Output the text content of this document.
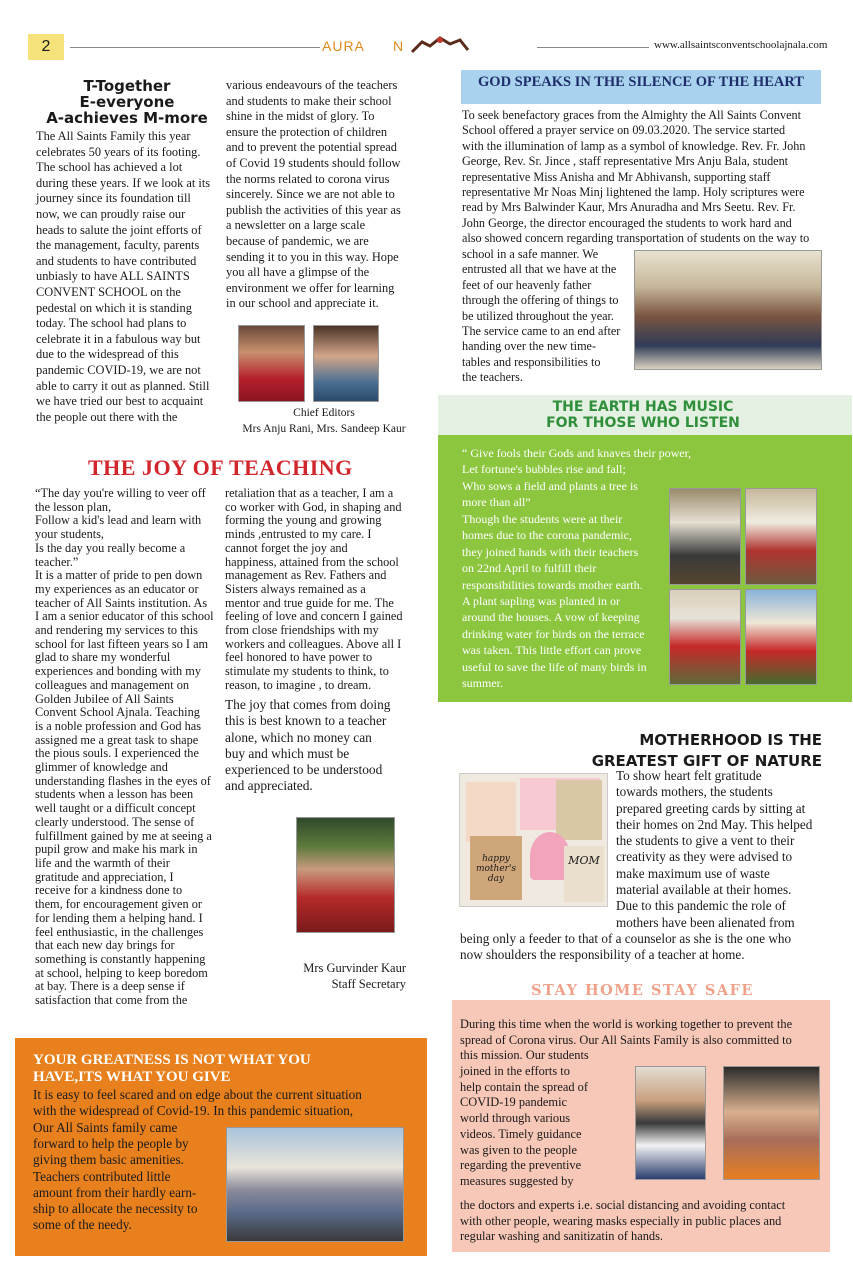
2	AURA N	www.allsaintsconventschoolajnala.com
T-Together
E-everyone
A-achieves M-more

The All Saints Family this year

celebrates 50 years of its footing.

The school has achieved a lot

during these years. If we look at its

journey since its foundation till

now, we can proudly raise our

heads to salute the joint efforts of

the management, faculty, parents

and students to have contributed

unbiasly to have ALL SAINTS

CONVENT SCHOOL on the

pedestal on which it is standing

today. The school had plans to

celebrate it in a fabulous way but

due to the widespread of this

pandemic COVID-19, we are not

able to carry it out as planned. Still

we have tried our best to acquaint

the people out there with the

various endeavours of the teachers

and students to make their school

shine in the midst of glory. To

ensure the protection of children

and to prevent the potential spread

of Covid 19 students should follow

the norms related to corona virus

sincerely. Since we are not able to

publish the activities of this year as

a newsletter on a large scale

because of pandemic, we are

sending it to you in this way. Hope

you all have a glimpse of the

environment we offer for learning

in our school and appreciate it.

Chief Editors
Mrs Anju Rani, Mrs. Sandeep Kaur
GOD SPEAKS IN THE SILENCE OF THE HEART

To seek benefactory graces from the Almighty the All Saints Convent

School offered a prayer service on 09.03.2020. The service started

with the illumination of lamp as a symbol of knowledge. Rev. Fr. John

George, Rev. Sr. Jince , staff representative Mrs Anju Bala, student

representative Miss Anisha and Mr Abhivansh, supporting staff

representative Mr Noas Minj lightened the lamp. Holy scriptures were

read by Mrs Balwinder Kaur, Mrs Anuradha and Mrs Seetu. Rev. Fr.

John George, the director encouraged the students to work hard and

also showed concern regarding transportation of students on the way to

school in a safe manner. We

entrusted all that we have at the

feet of our heavenly father

through the offering of things to

be utilized throughout the year.

The service came to an end after

handing over the new time-

tables and responsibilities to

the teachers.

THE EARTH HAS MUSIC
FOR THOSE WHO LISTEN

“ Give fools their Gods and knaves their power,

Let fortune's bubbles rise and fall;

Who sows a field and plants a tree is

more than all”

Though the students were at their

homes due to the corona pandemic,

they joined hands with their teachers

on 22nd April to fulfill their

responsibilities towards mother earth.

A plant sapling was planted in or

around the houses. A vow of keeping

drinking water for birds on the terrace

was taken. This little effort can prove

useful to save the life of many birds in

summer.

THE JOY OF TEACHING

“The day you're willing to veer off

the lesson plan,

Follow a kid's lead and learn with

your students,

Is the day you really become a

teacher.”

It is a matter of pride to pen down

my experiences as an educator or

teacher of All Saints institution. As

I am a senior educator of this school

and rendering my services to this

school for last fifteen years so I am

glad to share my wonderful

experiences and bonding with my

colleagues and management on

Golden Jubilee of All Saints

Convent School Ajnala. Teaching

is a noble profession and God has

assigned me a great task to shape

the pious souls. I experienced the

glimmer of knowledge and

understanding flashes in the eyes of

students when a lesson has been

well taught or a difficult concept

clearly understood. The sense of

fulfillment gained by me at seeing a

pupil grow and make his mark in

life and the warmth of their

gratitude and appreciation, I

receive for a kindness done to

them, for encouragement given or

for lending them a helping hand. I

feel enthusiastic, in the challenges

that each new day brings for

something is constantly happening

at school, helping to keep boredom

at bay. There is a deep sense if

satisfaction that come from the

retaliation that as a teacher, I am a

co worker with God, in shaping and

forming the young and growing

minds ,entrusted to my care. I

cannot forget the joy and

happiness, attained from the school

management as Rev. Fathers and

Sisters always remained as a

mentor and true guide for me. The

feeling of love and concern I gained

from close friendships with my

workers and colleagues. Above all I

feel honored to have power to

stimulate my students to think, to

reason, to imagine , to dream.

The joy that comes from doing

this is best known to a teacher

alone, which no money can

buy and which must be

experienced to be understood

and appreciated.

Mrs Gurvinder Kaur
Staff Secretary
MOTHERHOOD IS THE
GREATEST GIFT OF NATURE
happy mother's day
MOM

To show heart felt gratitude

towards mothers, the students

prepared greeting cards by sitting at

their homes on 2nd May. This helped

the students to give a vent to their

creativity as they were advised to

make maximum use of waste

material available at their homes.

Due to this pandemic the role of

mothers have been alienated from

being only a feeder to that of a counselor as she is the one who

now shoulders the responsibility of a teacher at home.

YOUR GREATNESS IS NOT WHAT YOU
HAVE,ITS WHAT YOU GIVE

It is easy to feel scared and on edge about the current situation

with the widespread of Covid-19. In this pandemic situation,

Our All Saints family came

forward to help the people by

giving them basic amenities.

Teachers contributed little

amount from their hardly earn-

ship to allocate the necessity to

some of the needy.

STAY HOME STAY SAFE

During this time when the world is working together to prevent the

spread of Corona virus. Our All Saints Family is also committed to

this mission. Our students

joined in the efforts to

help contain the spread of

COVID-19 pandemic

world through various

videos. Timely guidance

was given to the people

regarding the preventive

measures suggested by

the doctors and experts i.e. social distancing and avoiding contact

with other people, wearing masks especially in public places and

regular washing and sanitizatin of hands.
